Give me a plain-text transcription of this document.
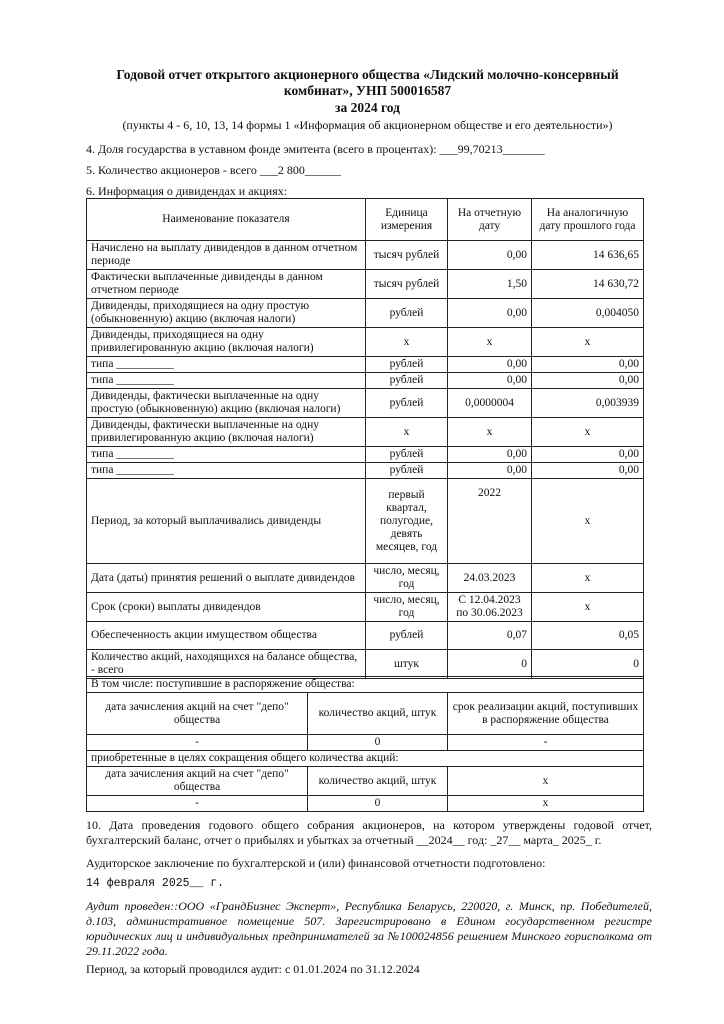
Годовой отчет открытого акционерного общества «Лидский молочно-консервный
комбинат», УНП 500016587
за 2024 год
(пункты 4 - 6, 10, 13, 14 формы 1 «Информация об акционерном обществе и его деятельности»)
4. Доля государства в уставном фонде эмитента (всего в процентах): ___99,70213_______
5. Количество акционеров - всего ___2 800______
6. Информация о дивидендах и акциях:
Наименование показателя	Единица измерения	На отчетную дату	На аналогичную дату прошлого года
Начислено на выплату дивидендов в данном отчетном периоде	тысяч рублей	0,00	14 636,65
Фактически выплаченные дивиденды в данном отчетном периоде	тысяч рублей	1,50	14 630,72
Дивиденды, приходящиеся на одну простую (обыкновенную) акцию (включая налоги)	рублей	0,00	0,004050
Дивиденды, приходящиеся на одну привилегированную акцию (включая налоги)	х	х	х
типа __________	рублей	0,00	0,00
типа __________	рублей	0,00	0,00
Дивиденды, фактически выплаченные на одну простую (обыкновенную) акцию (включая налоги)	рублей	0,0000004	0,003939
Дивиденды, фактически выплаченные на одну привилегированную акцию (включая налоги)	х	х	х
типа __________	рублей	0,00	0,00
типа __________	рублей	0,00	0,00
Период, за который выплачивались дивиденды	первый квартал, полугодие, девять месяцев, год	2022	х
Дата (даты) принятия решений о выплате дивидендов	число, месяц, год	24.03.2023	х
Срок (сроки) выплаты дивидендов	число, месяц, год	С 12.04.2023 по 30.06.2023	х
Обеспеченность акции имуществом общества	рублей	0,07	0,05
Количество акций, находящихся на балансе общества, - всего	штук	0	0
В том числе: поступившие в распоряжение общества:		
дата зачисления акций на счет "депо" общества	количество акций, штук	срок реализации акций, поступивших в распоряжение общества
-	0	-
приобретенные в целях сокращения общего количества акций:		
дата зачисления акций на счет "депо" общества	количество акций, штук	х
-	0	х
10. Дата проведения годового общего собрания акционеров, на котором утверждены годовой отчет, бухгалтерский баланс, отчет о прибылях и убытках за отчетный __2024__ год: _27__ марта_ 2025_ г.
Аудиторское заключение по бухгалтерской и (или) финансовой отчетности подготовлено:
14 февраля 2025__ г.
Аудит проведен::ООО «ГрандБизнес Эксперт», Республика Беларусь, 220020, г. Минск, пр. Победителей, д.103, административное помещение 507. Зарегистрировано в Едином государственном регистре юридических лиц и индивидуальных предпринимателей за №100024856 решением Минского горисполкома от 29.11.2022 года.
Период, за который проводился аудит: с 01.01.2024 по 31.12.2024
